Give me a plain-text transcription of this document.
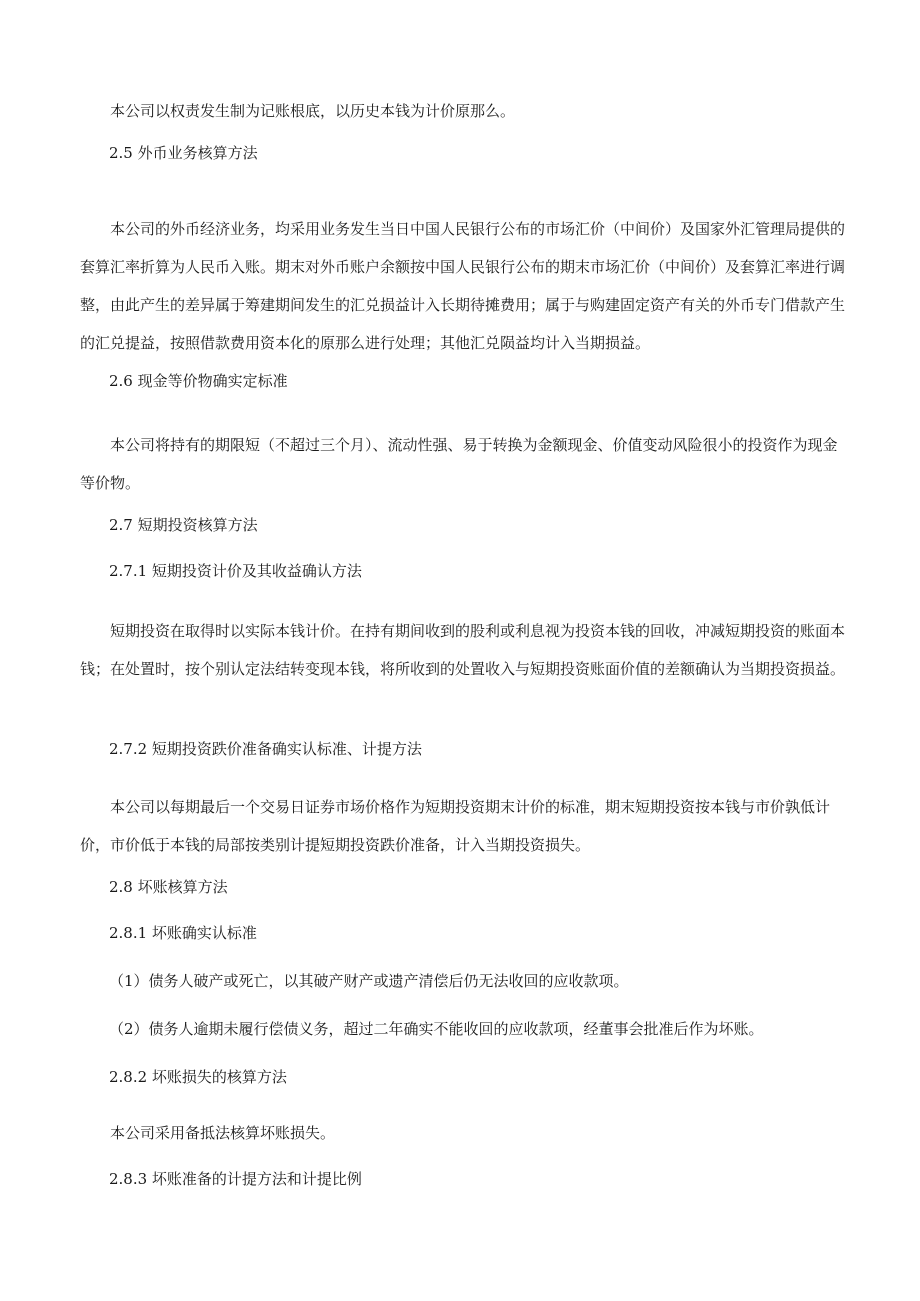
本公司以权责发生制为记账根底，以历史本钱为计价原那么。

2.5 外币业务核算方法

本公司的外币经济业务，均采用业务发生当日中国人民银行公布的市场汇价（中间价）及国家外汇管理局提供的套算汇率折算为人民币入账。期末对外币账户余额按中国人民银行公布的期末市场汇价（中间价）及套算汇率进行调整，由此产生的差异属于筹建期间发生的汇兑损益计入长期待摊费用；属于与购建固定资产有关的外币专门借款产生的汇兑提益，按照借款费用资本化的原那么进行处理；其他汇兑陨益均计入当期损益。

2.6 现金等价物确实定标准

本公司将持有的期限短（不超过三个月）、流动性强、易于转换为金额现金、价值变动风险很小的投资作为现金等价物。

2.7 短期投资核算方法

2.7.1 短期投资计价及其收益确认方法

短期投资在取得时以实际本钱计价。在持有期间收到的股利或利息视为投资本钱的回收，冲减短期投资的账面本钱；在处置时，按个别认定法结转变现本钱，将所收到的处置收入与短期投资账面价值的差额确认为当期投资损益。

2.7.2 短期投资跌价准备确实认标准、计提方法

本公司以每期最后一个交易日证券市场价格作为短期投资期末计价的标准，期末短期投资按本钱与市价孰低计价，市价低于本钱的局部按类别计提短期投资跌价准备，计入当期投资损失。

2.8 坏账核算方法

2.8.1 坏账确实认标准

（1）债务人破产或死亡，以其破产财产或遗产清偿后仍无法收回的应收款项。

（2）债务人逾期未履行偿债义务，超过二年确实不能收回的应收款项，经董事会批准后作为坏账。

2.8.2 坏账损失的核算方法

本公司采用备抵法核算坏账损失。

2.8.3 坏账准备的计提方法和计提比例
